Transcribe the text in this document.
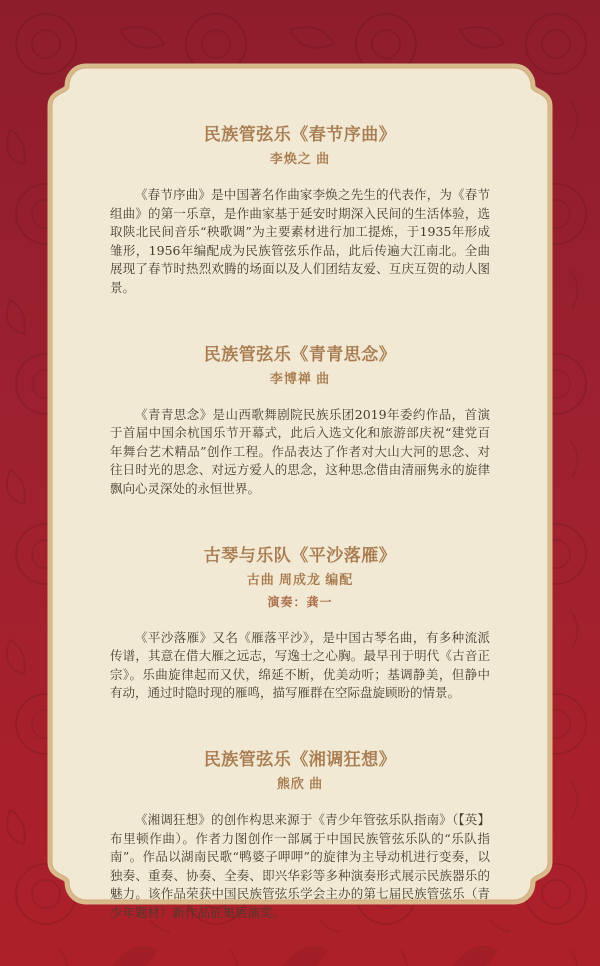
民族管弦乐《春节序曲》
李焕之 曲

《春节序曲》是中国著名作曲家李焕之先生的代表作，为《春节组曲》的第一乐章，是作曲家基于延安时期深入民间的生活体验，选取陕北民间音乐“秧歌调”为主要素材进行加工提炼，于1935年形成雏形，1956年编配成为民族管弦乐作品，此后传遍大江南北。全曲展现了春节时热烈欢腾的场面以及人们团结友爱、互庆互贺的动人图景。

民族管弦乐《青青思念》
李博禅 曲

《青青思念》是山西歌舞剧院民族乐团2019年委约作品，首演于首届中国余杭国乐节开幕式，此后入选文化和旅游部庆祝“建党百年舞台艺术精品”创作工程。作品表达了作者对大山大河的思念、对往日时光的思念、对远方爱人的思念，这种思念借由清丽隽永的旋律飘向心灵深处的永恒世界。

古琴与乐队《平沙落雁》
古曲 周成龙 编配
演奏：龚一

《平沙落雁》又名《雁落平沙》，是中国古琴名曲，有多种流派传谱，其意在借大雁之远志，写逸士之心胸。最早刊于明代《古音正宗》。乐曲旋律起而又伏，绵延不断，优美动听；基调静美，但静中有动，通过时隐时现的雁鸣，描写雁群在空际盘旋顾盼的情景。

民族管弦乐《湘调狂想》
熊欣 曲

《湘调狂想》的创作构思来源于《青少年管弦乐队指南》（【英】布里顿作曲）。作者力图创作一部属于中国民族管弦乐队的“乐队指南”。作品以湖南民歌“鸭婆子呷呷”的旋律为主导动机进行变奏，以独奏、重奏、协奏、全奏、即兴华彩等多种演奏形式展示民族器乐的魅力。该作品荣获中国民族管弦乐学会主办的第七届民族管弦乐（青少年题材）新作品征集展演奖。
